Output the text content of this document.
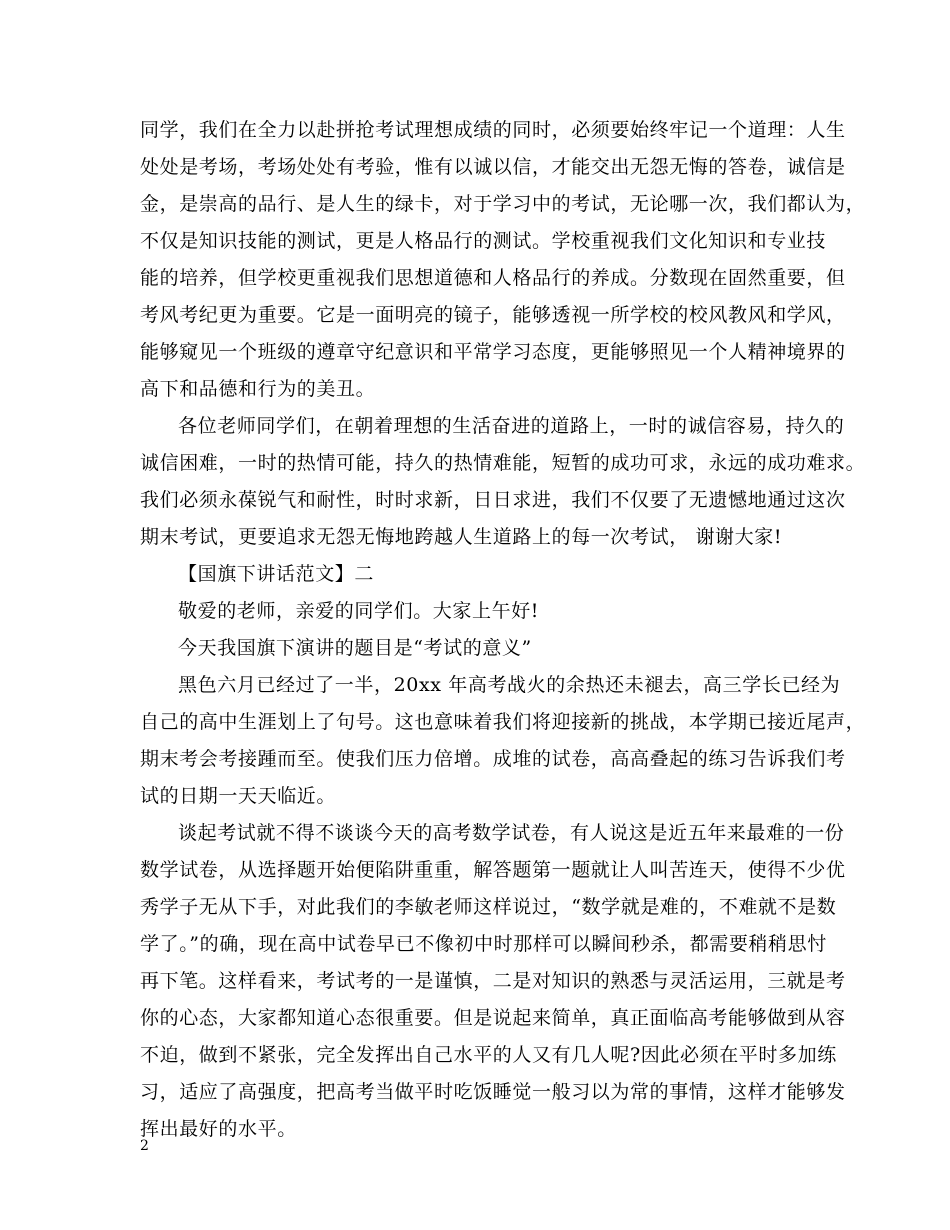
同学，我们在全力以赴拼抢考试理想成绩的同时，必须要始终牢记一个道理：人生
处处是考场，考场处处有考验，惟有以诚以信，才能交出无怨无悔的答卷，诚信是
金，是崇高的品行、是人生的绿卡，对于学习中的考试，无论哪一次，我们都认为，
不仅是知识技能的测试，更是人格品行的测试。学校重视我们文化知识和专业技
能的培养，但学校更重视我们思想道德和人格品行的养成。分数现在固然重要，但
考风考纪更为重要。它是一面明亮的镜子，能够透视一所学校的校风教风和学风，
能够窥见一个班级的遵章守纪意识和平常学习态度，更能够照见一个人精神境界的
高下和品德和行为的美丑。
各位老师同学们，在朝着理想的生活奋进的道路上，一时的诚信容易，持久的
诚信困难，一时的热情可能，持久的热情难能，短暂的成功可求，永远的成功难求。
我们必须永葆锐气和耐性，时时求新，日日求进，我们不仅要了无遗憾地通过这次
期末考试，更要追求无怨无悔地跨越人生道路上的每一次考试， 谢谢大家!
【国旗下讲话范文】二
敬爱的老师，亲爱的同学们。大家上午好!
今天我国旗下演讲的题目是“考试的意义”
黑色六月已经过了一半，20xx 年高考战火的余热还未褪去，高三学长已经为
自己的高中生涯划上了句号。这也意味着我们将迎接新的挑战，本学期已接近尾声，
期末考会考接踵而至。使我们压力倍增。成堆的试卷，高高叠起的练习告诉我们考
试的日期一天天临近。
谈起考试就不得不谈谈今天的高考数学试卷，有人说这是近五年来最难的一份
数学试卷，从选择题开始便陷阱重重，解答题第一题就让人叫苦连天，使得不少优
秀学子无从下手，对此我们的李敏老师这样说过，“数学就是难的，不难就不是数
学了。”的确，现在高中试卷早已不像初中时那样可以瞬间秒杀，都需要稍稍思忖
再下笔。这样看来，考试考的一是谨慎，二是对知识的熟悉与灵活运用，三就是考
你的心态，大家都知道心态很重要。但是说起来简单，真正面临高考能够做到从容
不迫，做到不紧张，完全发挥出自己水平的人又有几人呢?因此必须在平时多加练
习，适应了高强度，把高考当做平时吃饭睡觉一般习以为常的事情，这样才能够发
挥出最好的水平。
2
